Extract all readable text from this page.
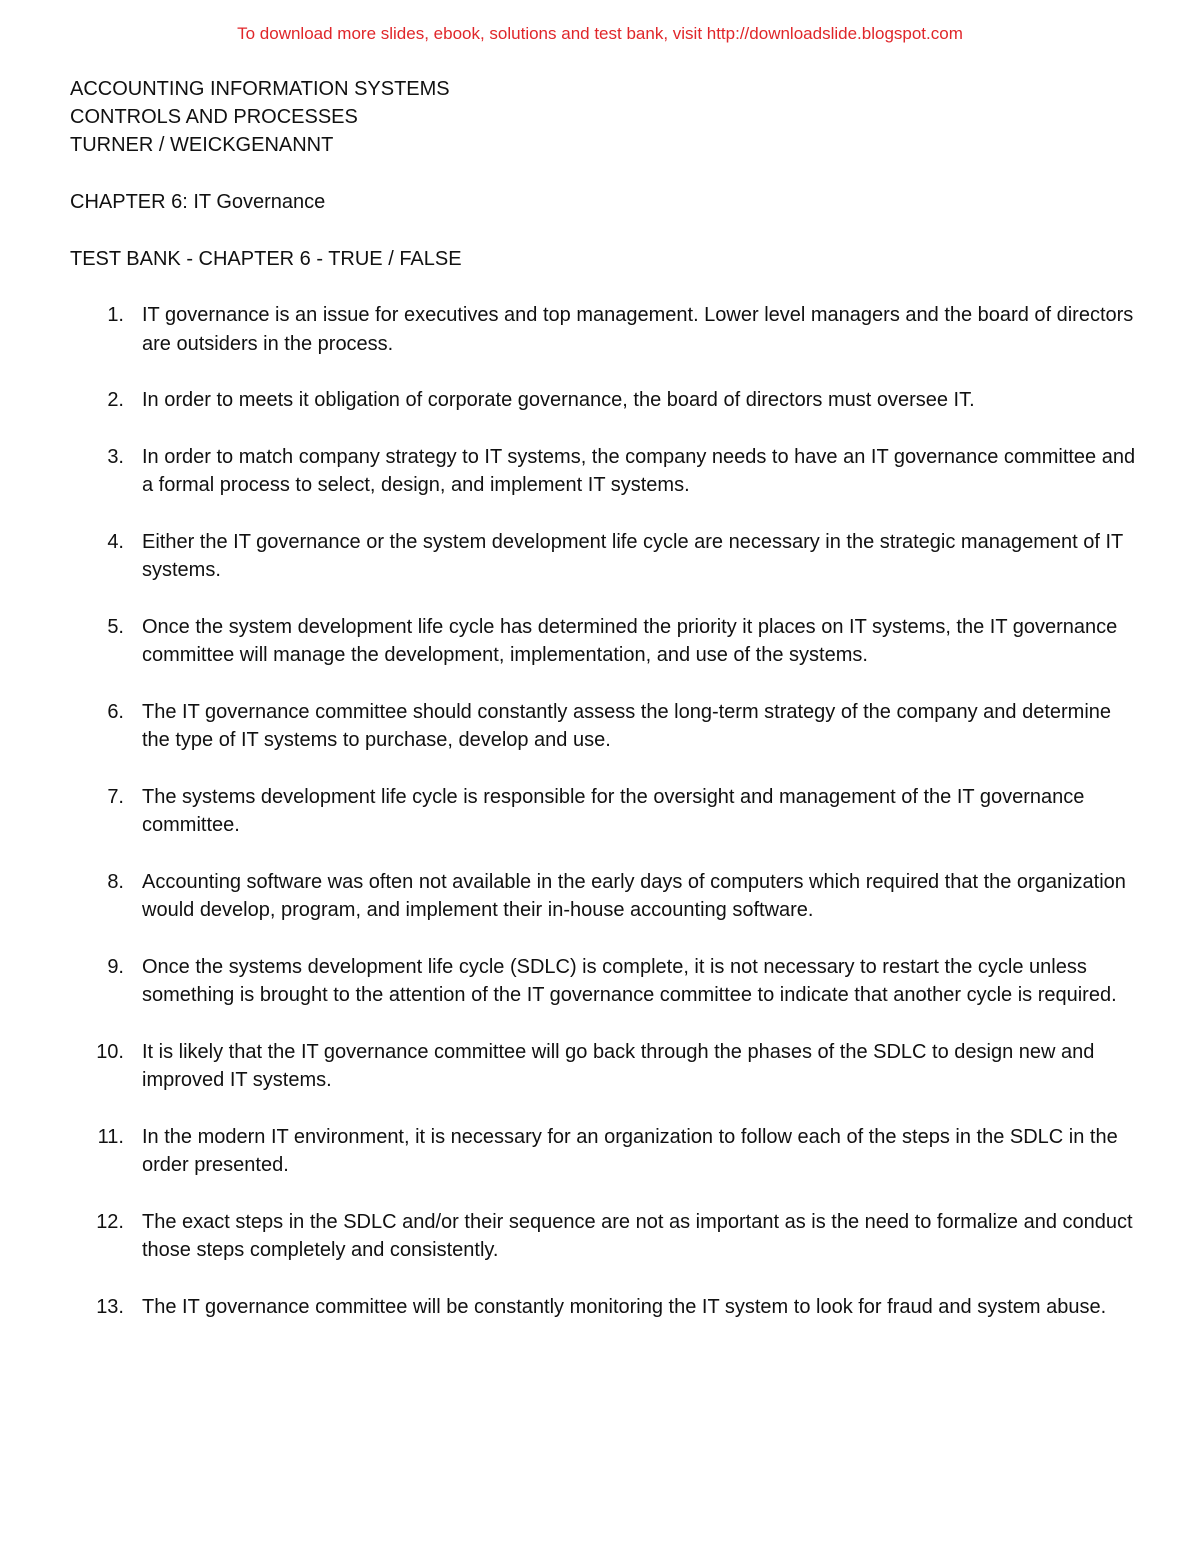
To download more slides, ebook, solutions and test bank, visit http://downloadslide.blogspot.com
ACCOUNTING INFORMATION SYSTEMS
CONTROLS AND PROCESSES
TURNER / WEICKGENANNT
CHAPTER 6: IT Governance
TEST BANK - CHAPTER 6 - TRUE / FALSE
1. IT governance is an issue for executives and top management. Lower level managers and the board of directors are outsiders in the process.
2. In order to meets it obligation of corporate governance, the board of directors must oversee IT.
3. In order to match company strategy to IT systems, the company needs to have an IT governance committee and a formal process to select, design, and implement IT systems.
4. Either the IT governance or the system development life cycle are necessary in the strategic management of IT systems.
5. Once the system development life cycle has determined the priority it places on IT systems, the IT governance committee will manage the development, implementation, and use of the systems.
6. The IT governance committee should constantly assess the long-term strategy of the company and determine the type of IT systems to purchase, develop and use.
7. The systems development life cycle is responsible for the oversight and management of the IT governance committee.
8. Accounting software was often not available in the early days of computers which required that the organization would develop, program, and implement their in-house accounting software.
9. Once the systems development life cycle (SDLC) is complete, it is not necessary to restart the cycle unless something is brought to the attention of the IT governance committee to indicate that another cycle is required.
10. It is likely that the IT governance committee will go back through the phases of the SDLC to design new and improved IT systems.
11. In the modern IT environment, it is necessary for an organization to follow each of the steps in the SDLC in the order presented.
12. The exact steps in the SDLC and/or their sequence are not as important as is the need to formalize and conduct those steps completely and consistently.
13. The IT governance committee will be constantly monitoring the IT system to look for fraud and system abuse.
